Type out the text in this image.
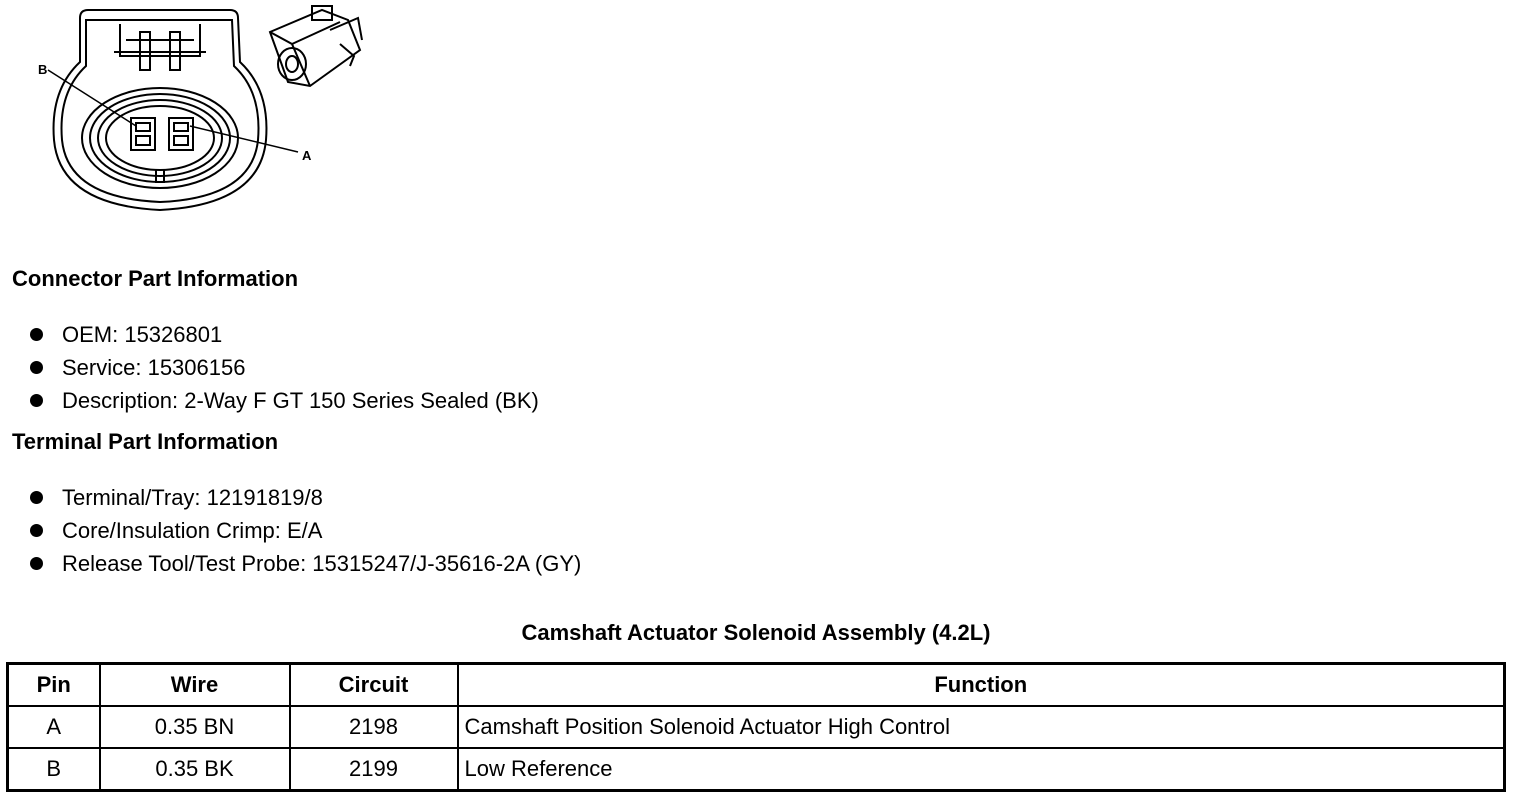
B
A
Connector Part Information
OEM: 15326801
Service: 15306156
Description: 2-Way F GT 150 Series Sealed (BK)
Terminal Part Information
Terminal/Tray: 12191819/8
Core/Insulation Crimp: E/A
Release Tool/Test Probe: 15315247/J-35616-2A (GY)
Camshaft Actuator Solenoid Assembly (4.2L)
Pin	Wire	Circuit	Function
A	0.35 BN	2198	Camshaft Position Solenoid Actuator High Control
B	0.35 BK	2199	Low Reference
